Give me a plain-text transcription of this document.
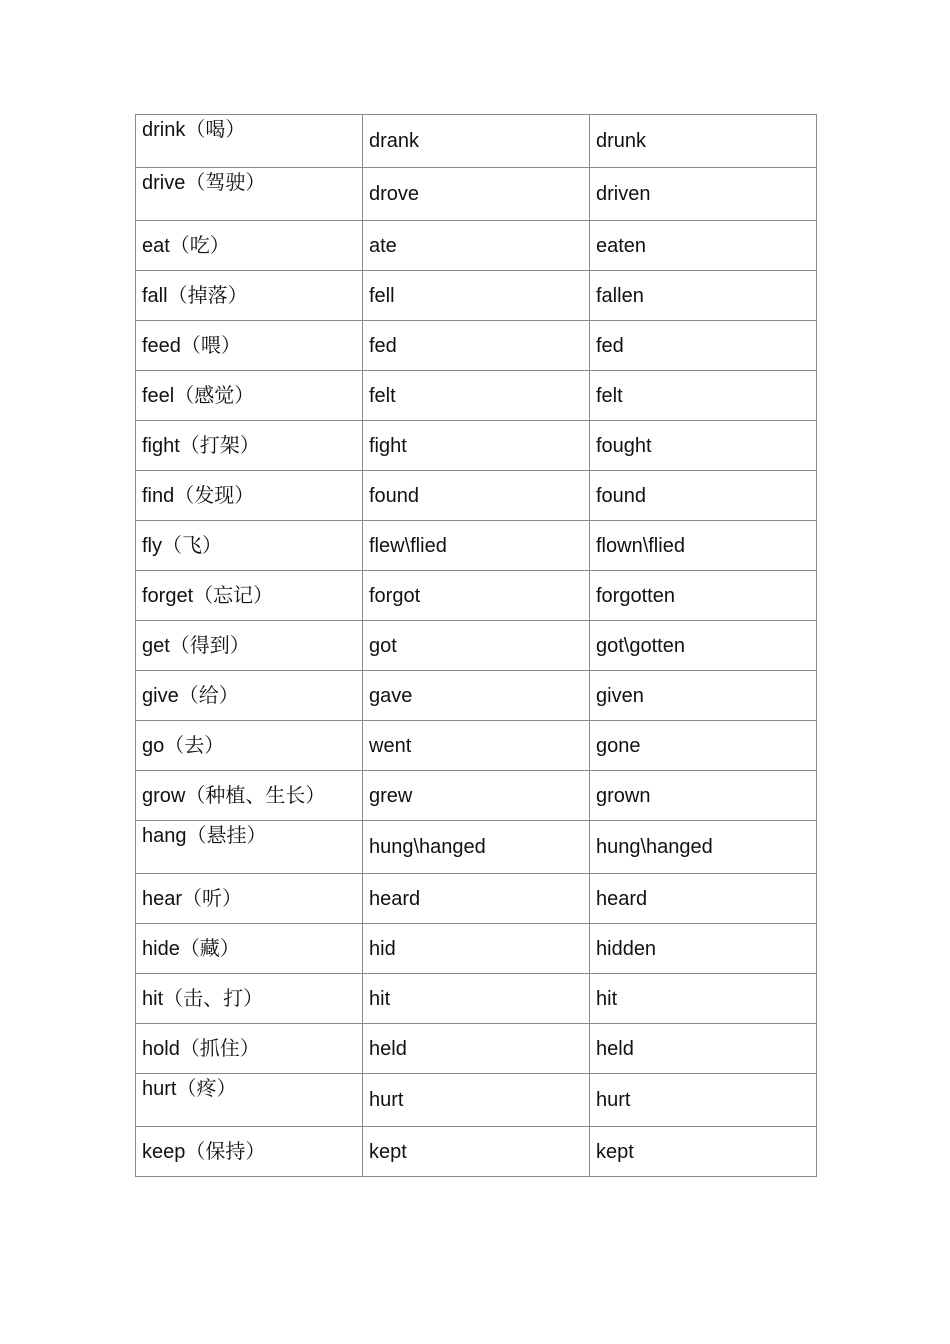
drink（喝）	drank	drunk
drive（驾驶）	drove	driven
eat（吃）	ate	eaten
fall（掉落）	fell	fallen
feed（喂）	fed	fed
feel（感觉）	felt	felt
fight（打架）	fight	fought
find（发现）	found	found
fly（飞）	flew\flied	flown\flied
forget（忘记）	forgot	forgotten
get（得到）	got	got\gotten
give（给）	gave	given
go（去）	went	gone
grow（种植、生长）	grew	grown
hang（悬挂）	hung\hanged	hung\hanged
hear（听）	heard	heard
hide（藏）	hid	hidden
hit（击、打）	hit	hit
hold（抓住）	held	held
hurt（疼）	hurt	hurt
keep（保持）	kept	kept
